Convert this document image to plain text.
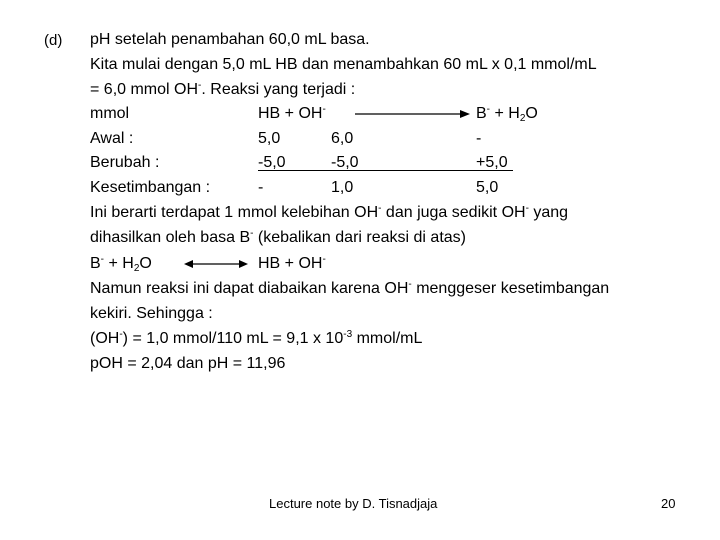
(d) pH setelah penambahan 60,0 mL basa.
Kita mulai dengan 5,0 mL HB dan menambahkan 60 mL x 0,1 mmol/mL
= 6,0 mmol OH-. Reaksi yang terjadi :
mmol	HB + OH-	$B^- + H_2O$
Awal :	5,0	6,0	-
Berubah :	-5,0	-5,0	+5,0
Kesetimbangan :	-	1,0	5,0
Ini berarti terdapat 1 mmol kelebihan OH- dan juga sedikit OH- yang
dihasilkan oleh basa B- (kebalikan dari reaksi di atas)
$B^- + H_2O$	HB + OH-
Namun reaksi ini dapat diabaikan karena OH- menggeser kesetimbangan
kekiri. Sehingga :
(OH-) = 1,0 mmol/110 mL = 9,1 x $10^{-3}$ mmol/mL
pOH = 2,04 dan pH = 11,96
Lecture note by D. Tisnadjaja	20
